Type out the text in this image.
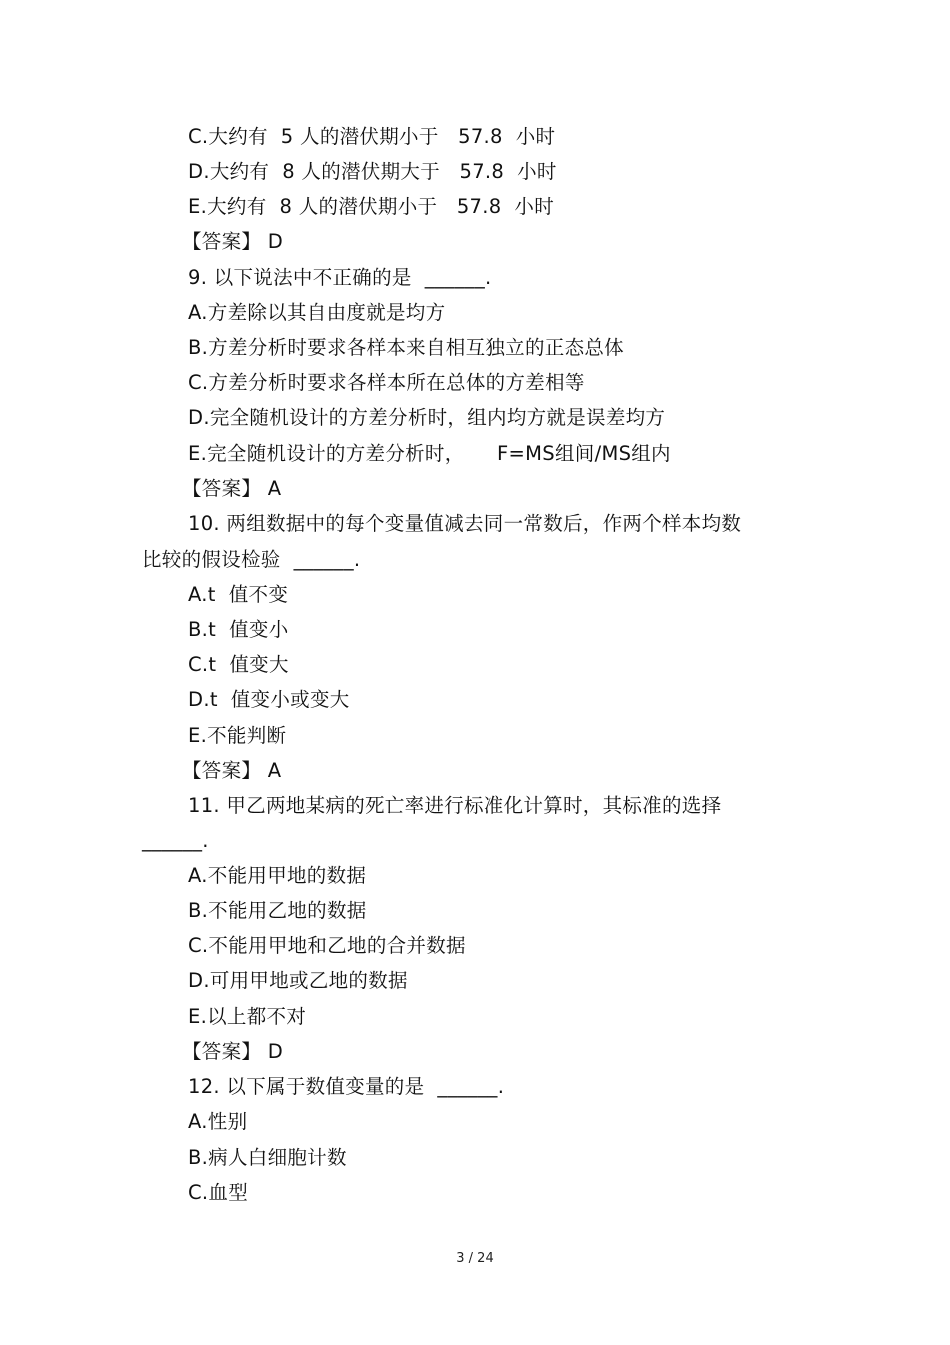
C.大约有  5 人的潜伏期小于   57.8  小时
D.大约有  8 人的潜伏期大于   57.8  小时
E.大约有  8 人的潜伏期小于   57.8  小时
【答案】 D
9. 以下说法中不正确的是  ______.
A.方差除以其自由度就是均方
B.方差分析时要求各样本来自相互独立的正态总体
C.方差分析时要求各样本所在总体的方差相等
D.完全随机设计的方差分析时，组内均方就是误差均方
E.完全随机设计的方差分析时，     F=MS组间/MS组内
【答案】 A
10. 两组数据中的每个变量值减去同一常数后，作两个样本均数
比较的假设检验  ______.
A.t  值不变
B.t  值变小
C.t  值变大
D.t  值变小或变大
E.不能判断
【答案】 A
11. 甲乙两地某病的死亡率进行标准化计算时，其标准的选择
______.
A.不能用甲地的数据
B.不能用乙地的数据
C.不能用甲地和乙地的合并数据
D.可用甲地或乙地的数据
E.以上都不对
【答案】 D
12. 以下属于数值变量的是  ______.
A.性别
B.病人白细胞计数
C.血型
3 / 24
